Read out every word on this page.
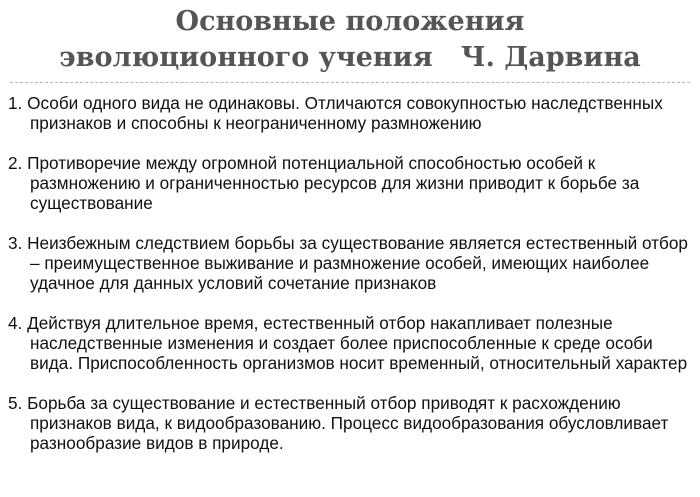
Основные положения
эволюционного учения   Ч. Дарвина

1. Особи одного вида не одинаковы. Отличаются совокупностью наследственных признаков и способны к неограниченному размножению

2. Противоречие между огромной потенциальной способностью особей к размножению и ограниченностью ресурсов для жизни приводит к борьбе за существование

3. Неизбежным следствием борьбы за существование является естественный отбор – преимущественное выживание и размножение особей, имеющих наиболее удачное для данных условий сочетание признаков

4. Действуя длительное время, естественный отбор накапливает полезные наследственные изменения и создает более приспособленные к среде особи вида. Приспособленность организмов носит временный, относительный характер

5. Борьба за существование и естественный отбор приводят к расхождению признаков вида, к видообразованию. Процесс видообразования обусловливает разнообразие видов в природе.
